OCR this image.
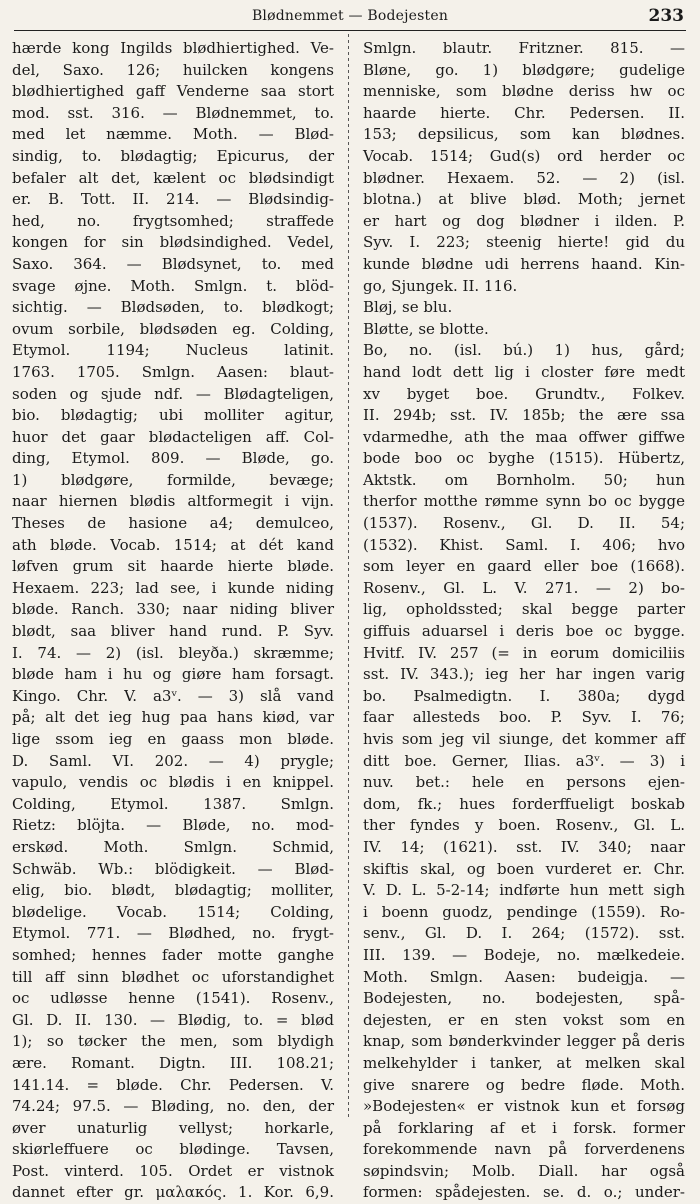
Blødnemmet — Bodejesten	233
hærde kong Ingilds blødhiertighed. Ve-
del, Saxo. 126; huilcken kongens
blødhiertighed gaff Venderne saa stort
mod. sst. 316. — Blødnemmet, to.
med let næmme. Moth. — Blød-
sindig, to. blødagtig; Epicurus, der
befaler alt det, kælent oc blødsindigt
er. B. Tott. II. 214. — Blødsindig-
hed, no. frygtsomhed; straffede
kongen for sin blødsindighed. Vedel,
Saxo. 364. — Blødsynet, to. med
svage øjne. Moth. Smlgn. t. blöd-
sichtig. — Blødsøden, to. blødkogt;
ovum sorbile, blødsøden eg. Colding,
Etymol. 1194; Nucleus latinit.
1763. 1705. Smlgn. Aasen: blaut-
soden og sjude ndf. — Blødagteligen,
bio. blødagtig; ubi molliter agitur,
huor det gaar blødacteligen aff. Col-
ding, Etymol. 809. — Bløde, go.
1) blødgøre, formilde, bevæge;
naar hiernen blødis altformegit i vijn.
Theses de hasione a4; demulceo,
ath bløde. Vocab. 1514; at dét kand
løfven grum sit haarde hierte bløde.
Hexaem. 223; lad see, i kunde niding
bløde. Ranch. 330; naar niding bliver
blødt, saa bliver hand rund. P. Syv.
I. 74. — 2) (isl. bleyða.) skræmme;
bløde ham i hu og giøre ham forsagt.
Kingo. Chr. V. a3ᵛ. — 3) slå vand
på; alt det ieg hug paa hans kiød, var
lige ssom ieg en gaass mon bløde.
D. Saml. VI. 202. — 4) prygle;
vapulo, vendis oc blødis i en knippel.
Colding, Etymol. 1387. Smlgn.
Rietz: blöjta. — Bløde, no. mod-
erskød. Moth. Smlgn. Schmid,
Schwäb. Wb.: blödigkeit. — Blød-
elig, bio. blødt, blødagtig; molliter,
blødelige. Vocab. 1514; Colding,
Etymol. 771. — Blødhed, no. frygt-
somhed; hennes fader motte ganghe
till aff sinn blødhet oc uforstandighet
oc udløsse henne (1541). Rosenv.,
Gl. D. II. 130. — Blødig, to. = blød
1); so tøcker the men, som blydigh
ære. Romant. Digtn. III. 108.21;
141.14. = bløde. Chr. Pedersen. V.
74.24; 97.5. — Bløding, no. den, der
øver unaturlig vellyst; horkarle,
skiørleffuere oc blødinge. Tavsen,
Post. vinterd. 105. Ordet er vistnok
dannet efter gr. μαλακός. 1. Kor. 6,9.
Smlgn. blautr. Fritzner. 815. —
Bløne, go. 1) blødgøre; gudelige
menniske, som blødne deriss hw oc
haarde hierte. Chr. Pedersen. II.
153; depsilicus, som kan blødnes.
Vocab. 1514; Gud(s) ord herder oc
blødner. Hexaem. 52. — 2) (isl.
blotna.) at blive blød. Moth; jernet
er hart og dog blødner i ilden. P.
Syv. I. 223; steenig hierte! gid du
kunde blødne udi herrens haand. Kin-
go, Sjungek. II. 116.
Bløj, se blu.
Bløtte, se blotte.
Bo, no. (isl. bú.) 1) hus, gård;
hand lodt dett lig i closter føre medt
xv byget boe. Grundtv., Folkev.
II. 294b; sst. IV. 185b; the ære ssa
vdarmedhe, ath the maa offwer giffwe
bode boo oc byghe (1515). Hübertz,
Aktstk. om Bornholm. 50; hun
therfor motthe rømme synn bo oc bygge
(1537). Rosenv., Gl. D. II. 54;
(1532). Khist. Saml. I. 406; hvo
som leyer en gaard eller boe (1668).
Rosenv., Gl. L. V. 271. — 2) bo-
lig, opholdssted; skal begge parter
giffuis aduarsel i deris boe oc bygge.
Hvitf. IV. 257 (= in eorum domiciliis
sst. IV. 343.); ieg her har ingen varig
bo. Psalmedigtn. I. 380a; dygd
faar allesteds boo. P. Syv. I. 76;
hvis som jeg vil siunge, det kommer aff
ditt boe. Gerner, Ilias. a3ᵛ. — 3) i
nuv. bet.: hele en persons ejen-
dom, fk.; hues forderffueligt boskab
ther fyndes y boen. Rosenv., Gl. L.
IV. 14; (1621). sst. IV. 340; naar
skiftis skal, og boen vurderet er. Chr.
V. D. L. 5-2-14; indførte hun mett sigh
i boenn guodz, pendinge (1559). Ro-
senv., Gl. D. I. 264; (1572). sst.
III. 139. — Bodeje, no. mælkedeie.
Moth. Smlgn. Aasen: budeigja. —
Bodejesten, no. bodejesten, spå-
dejesten, er en sten vokst som en
knap, som bønderkvinder legger på deris
melkehylder i tanker, at melken skal
give snarere og bedre fløde. Moth.
»Bodejesten« er vistnok kun et forsøg
på forklaring af et i forsk. former
forekommende navn på forverdenens
søpindsvin; Molb. Diall. har også
formen: spådejesten. se. d. o.; under-
